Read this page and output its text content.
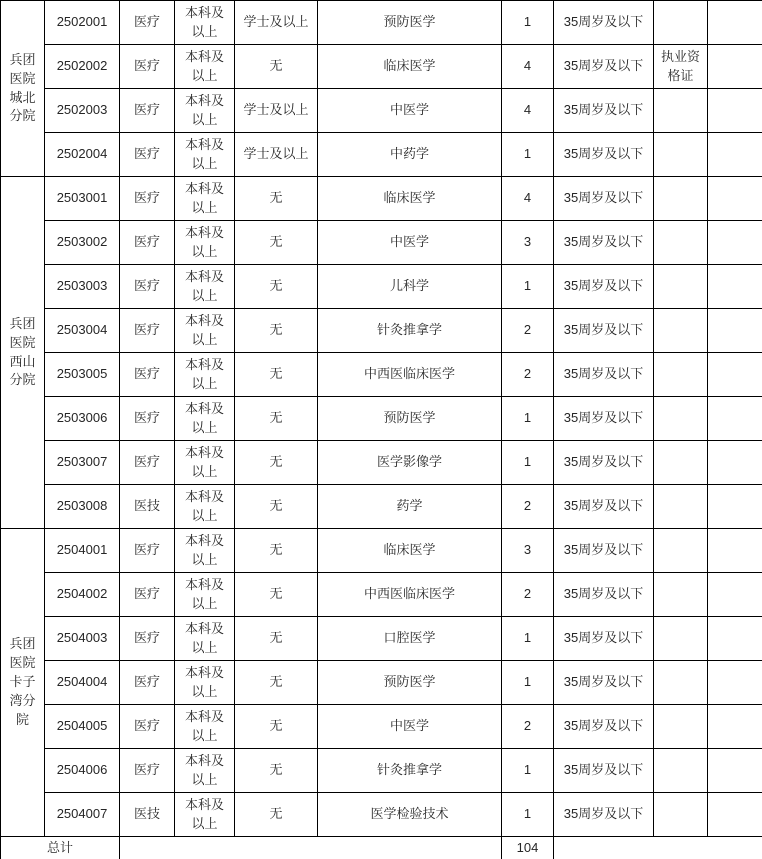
兵团医院城北分院	2502001	医疗	本科及以上	学士及以上	预防医学	1	35周岁及以下		
	2502002	医疗	本科及以上	无	临床医学	4	35周岁及以下	执业资格证	
	2502003	医疗	本科及以上	学士及以上	中医学	4	35周岁及以下		
	2502004	医疗	本科及以上	学士及以上	中药学	1	35周岁及以下		
兵团医院西山分院	2503001	医疗	本科及以上	无	临床医学	4	35周岁及以下		
	2503002	医疗	本科及以上	无	中医学	3	35周岁及以下		
	2503003	医疗	本科及以上	无	儿科学	1	35周岁及以下		
	2503004	医疗	本科及以上	无	针灸推拿学	2	35周岁及以下		
	2503005	医疗	本科及以上	无	中西医临床医学	2	35周岁及以下		
	2503006	医疗	本科及以上	无	预防医学	1	35周岁及以下		
	2503007	医疗	本科及以上	无	医学影像学	1	35周岁及以下		
	2503008	医技	本科及以上	无	药学	2	35周岁及以下		
兵团医院卡子湾分院	2504001	医疗	本科及以上	无	临床医学	3	35周岁及以下		
	2504002	医疗	本科及以上	无	中西医临床医学	2	35周岁及以下		
	2504003	医疗	本科及以上	无	口腔医学	1	35周岁及以下		
	2504004	医疗	本科及以上	无	预防医学	1	35周岁及以下		
	2504005	医疗	本科及以上	无	中医学	2	35周岁及以下		
	2504006	医疗	本科及以上	无	针灸推拿学	1	35周岁及以下		
	2504007	医技	本科及以上	无	医学检验技术	1	35周岁及以下		
总计						104			
